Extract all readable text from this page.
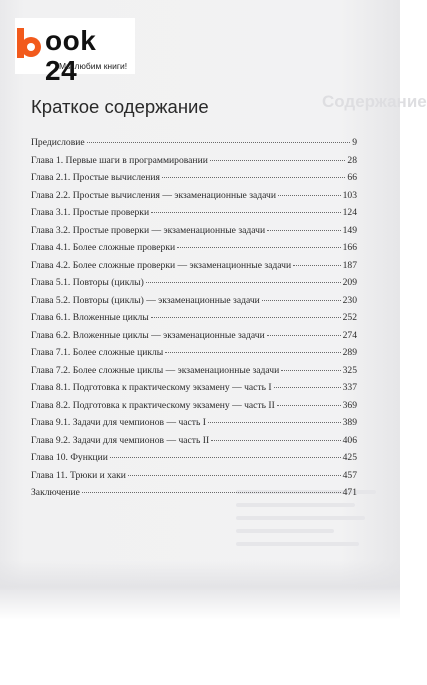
Содержание
ook 24
Мы любим книги!
Краткое содержание
Предисловие	9
Глава 1. Первые шаги в программировании	28
Глава 2.1. Простые вычисления	66
Глава 2.2. Простые вычисления — экзаменационные задачи	103
Глава 3.1. Простые проверки	124
Глава 3.2. Простые проверки — экзаменационные задачи	149
Глава 4.1. Более сложные проверки	166
Глава 4.2. Более сложные проверки — экзаменационные задачи	187
Глава 5.1. Повторы (циклы)	209
Глава 5.2. Повторы (циклы) — экзаменационные задачи	230
Глава 6.1. Вложенные циклы	252
Глава 6.2. Вложенные циклы — экзаменационные задачи	274
Глава 7.1. Более сложные циклы	289
Глава 7.2. Более сложные циклы — экзаменационные задачи	325
Глава 8.1. Подготовка к практическому экзамену — часть I	337
Глава 8.2. Подготовка к практическому экзамену — часть II	369
Глава 9.1. Задачи для чемпионов — часть I	389
Глава 9.2. Задачи для чемпионов — часть II	406
Глава 10. Функции	425
Глава 11. Трюки и хаки	457
Заключение	471
